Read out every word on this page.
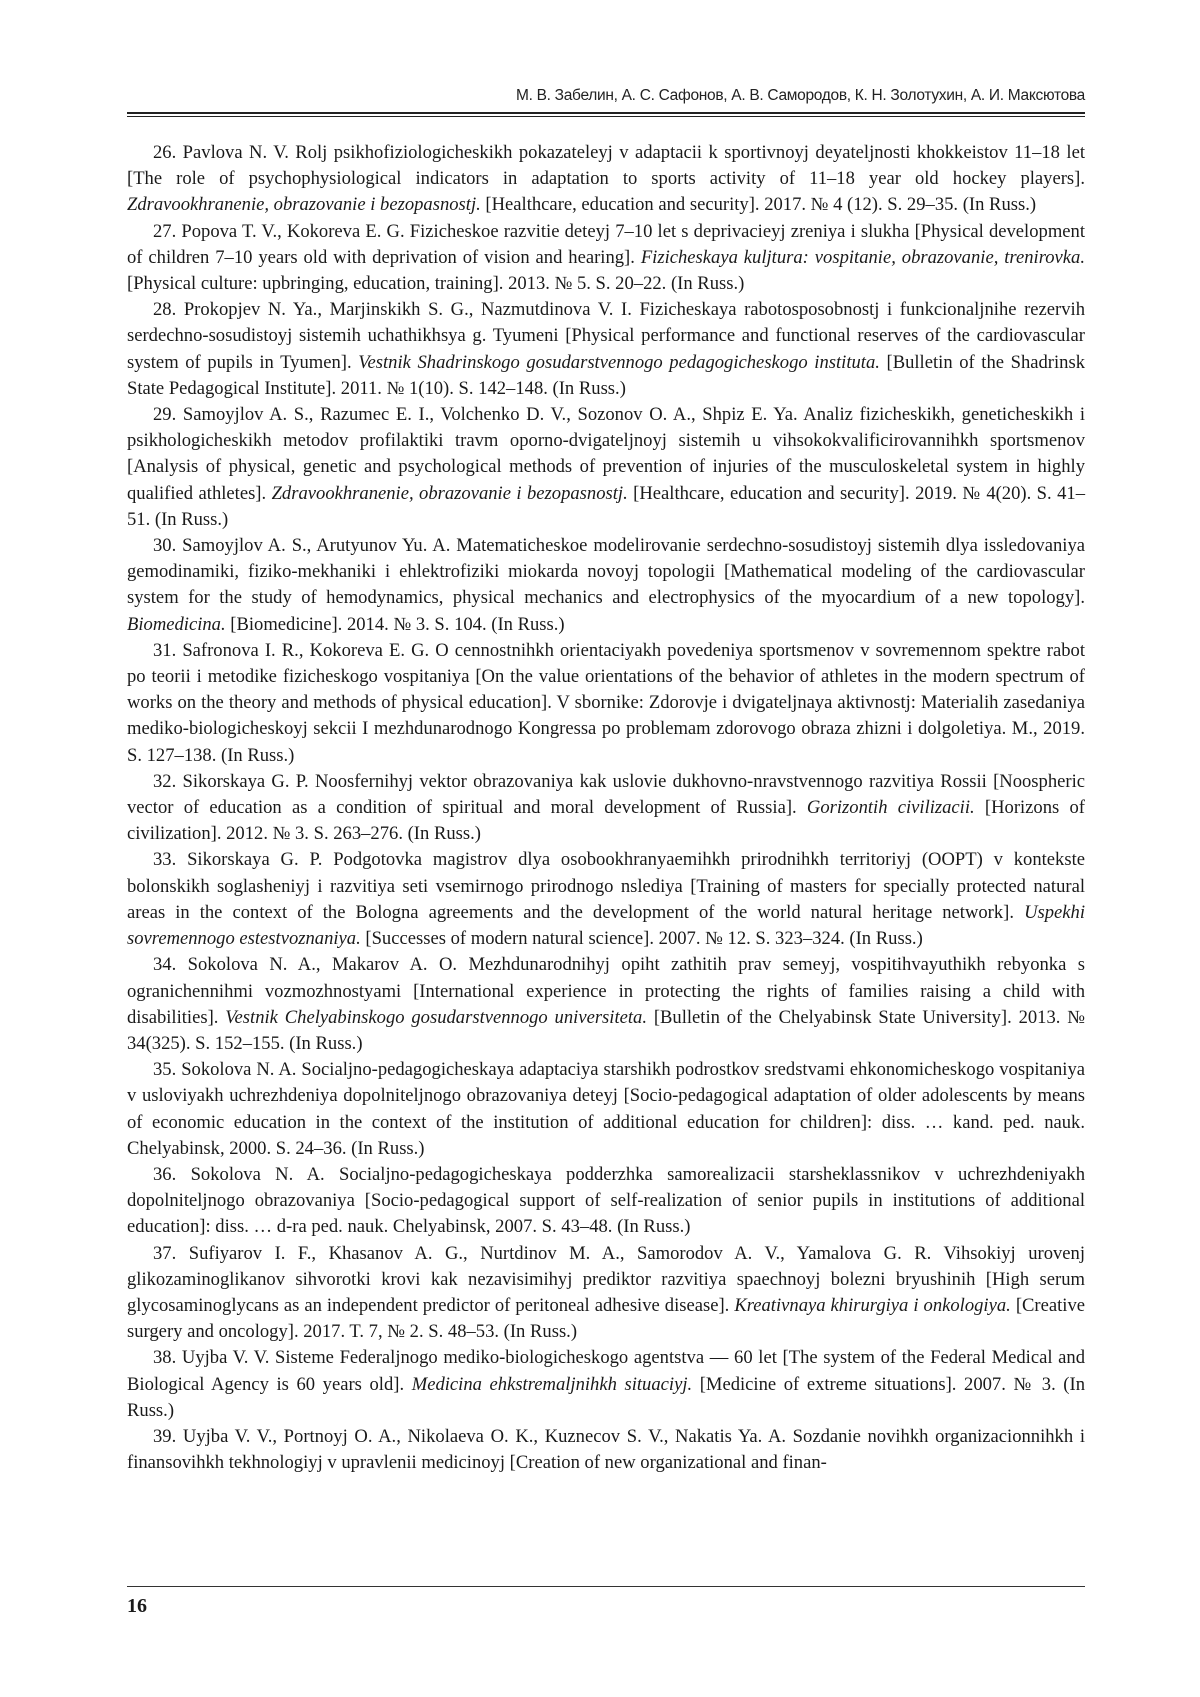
М. В. Забелин, А. С. Сафонов, А. В. Самородов, К. Н. Золотухин, А. И. Максютова

26. Pavlova N. V. Rolj psikhofiziologicheskikh pokazateleyj v adaptacii k sportivnoyj deyateljnosti khokkeistov 11–18 let [The role of psychophysiological indicators in adaptation to sports activity of 11–18 year old hockey players]. Zdravookhranenie, obrazovanie i bezopasnostj. [Healthcare, education and security]. 2017. № 4 (12). S. 29–35. (In Russ.)

27. Popova T. V., Kokoreva E. G. Fizicheskoe razvitie deteyj 7–10 let s deprivacieyj zreniya i slukha [Physical development of children 7–10 years old with deprivation of vision and hearing]. Fizicheskaya kuljtura: vospitanie, obrazovanie, trenirovka. [Physical culture: upbringing, education, training]. 2013. № 5. S. 20–22. (In Russ.)

28. Prokopjev N. Ya., Marjinskikh S. G., Nazmutdinova V. I. Fizicheskaya rabotosposobnostj i funkcionaljnihe rezervih serdechno-sosudistoyj sistemih uchathikhsya g. Tyumeni [Physical performance and functional reserves of the cardiovascular system of pupils in Tyumen]. Vestnik Shadrinskogo gosudarstvennogo pedagogicheskogo instituta. [Bulletin of the Shadrinsk State Pedagogical Institute]. 2011. № 1(10). S. 142–148. (In Russ.)

29. Samoyjlov A. S., Razumec E. I., Volchenko D. V., Sozonov O. A., Shpiz E. Ya. Analiz fizicheskikh, geneticheskikh i psikhologicheskikh metodov profilaktiki travm oporno-dvigateljnoyj sistemih u vihsokokvalificirovannihkh sportsmenov [Analysis of physical, genetic and psychological methods of prevention of injuries of the musculoskeletal system in highly qualified athletes]. Zdravookhranenie, obrazovanie i bezopasnostj. [Healthcare, education and security]. 2019. № 4(20). S. 41–51. (In Russ.)

30. Samoyjlov A. S., Arutyunov Yu. A. Matematicheskoe modelirovanie serdechno-sosudistoyj sistemih dlya issledovaniya gemodinamiki, fiziko-mekhaniki i ehlektrofiziki miokarda novoyj topologii [Mathematical modeling of the cardiovascular system for the study of hemodynamics, physical mechanics and electrophysics of the myocardium of a new topology]. Biomedicina. [Biomedicine]. 2014. № 3. S. 104. (In Russ.)

31. Safronova I. R., Kokoreva E. G. O cennostnihkh orientaciyakh povedeniya sportsmenov v sovremennom spektre rabot po teorii i metodike fizicheskogo vospitaniya [On the value orientations of the behavior of athletes in the modern spectrum of works on the theory and methods of physical education]. V sbornike: Zdorovje i dvigateljnaya aktivnostj: Materialih zasedaniya mediko-biologicheskoyj sekcii I mezhdunarodnogo Kongressa po problemam zdorovogo obraza zhizni i dolgoletiya. M., 2019. S. 127–138. (In Russ.)

32. Sikorskaya G. P. Noosfernihyj vektor obrazovaniya kak uslovie dukhovno-nravstvennogo razvitiya Rossii [Noospheric vector of education as a condition of spiritual and moral development of Russia]. Gorizontih civilizacii. [Horizons of civilization]. 2012. № 3. S. 263–276. (In Russ.)

33. Sikorskaya G. P. Podgotovka magistrov dlya osobookhranyaemihkh prirodnihkh territoriyj (OOPT) v kontekste bolonskikh soglasheniyj i razvitiya seti vsemirnogo prirodnogo nslediya [Training of masters for specially protected natural areas in the context of the Bologna agreements and the development of the world natural heritage network]. Uspekhi sovremennogo estestvoznaniya. [Successes of modern natural science]. 2007. № 12. S. 323–324. (In Russ.)

34. Sokolova N. A., Makarov A. O. Mezhdunarodnihyj opiht zathitih prav semeyj, vospitihvayuthikh rebyonka s ogranichennihmi vozmozhnostyami [International experience in protecting the rights of families raising a child with disabilities]. Vestnik Chelyabinskogo gosudarstvennogo universiteta. [Bulletin of the Chelyabinsk State University]. 2013. № 34(325). S. 152–155. (In Russ.)

35. Sokolova N. A. Socialjno-pedagogicheskaya adaptaciya starshikh podrostkov sredstvami ehkonomicheskogo vospitaniya v usloviyakh uchrezhdeniya dopolniteljnogo obrazovaniya deteyj [Socio-pedagogical adaptation of older adolescents by means of economic education in the context of the institution of additional education for children]: diss. … kand. ped. nauk. Chelyabinsk, 2000. S. 24–36. (In Russ.)

36. Sokolova N. A. Socialjno-pedagogicheskaya podderzhka samorealizacii starsheklassnikov v uchrezhdeniyakh dopolniteljnogo obrazovaniya [Socio-pedagogical support of self-realization of senior pupils in institutions of additional education]: diss. … d-ra ped. nauk. Chelyabinsk, 2007. S. 43–48. (In Russ.)

37. Sufiyarov I. F., Khasanov A. G., Nurtdinov M. A., Samorodov A. V., Yamalova G. R. Vihsokiyj urovenj glikozaminoglikanov sihvorotki krovi kak nezavisimihyj prediktor razvitiya spaechnoyj bolezni bryushinih [High serum glycosaminoglycans as an independent predictor of peritoneal adhesive disease]. Kreativnaya khirurgiya i onkologiya. [Creative surgery and oncology]. 2017. T. 7, № 2. S. 48–53. (In Russ.)

38. Uyjba V. V. Sisteme Federaljnogo mediko-biologicheskogo agentstva — 60 let [The system of the Federal Medical and Biological Agency is 60 years old]. Medicina ehkstremaljnihkh situaciyj. [Medicine of extreme situations]. 2007. № 3. (In Russ.)

39. Uyjba V. V., Portnoyj O. A., Nikolaeva O. K., Kuznecov S. V., Nakatis Ya. A. Sozdanie novihkh organizacionnihkh i finansovihkh tekhnologiyj v upravlenii medicinoyj [Creation of new organizational and finan-

16
